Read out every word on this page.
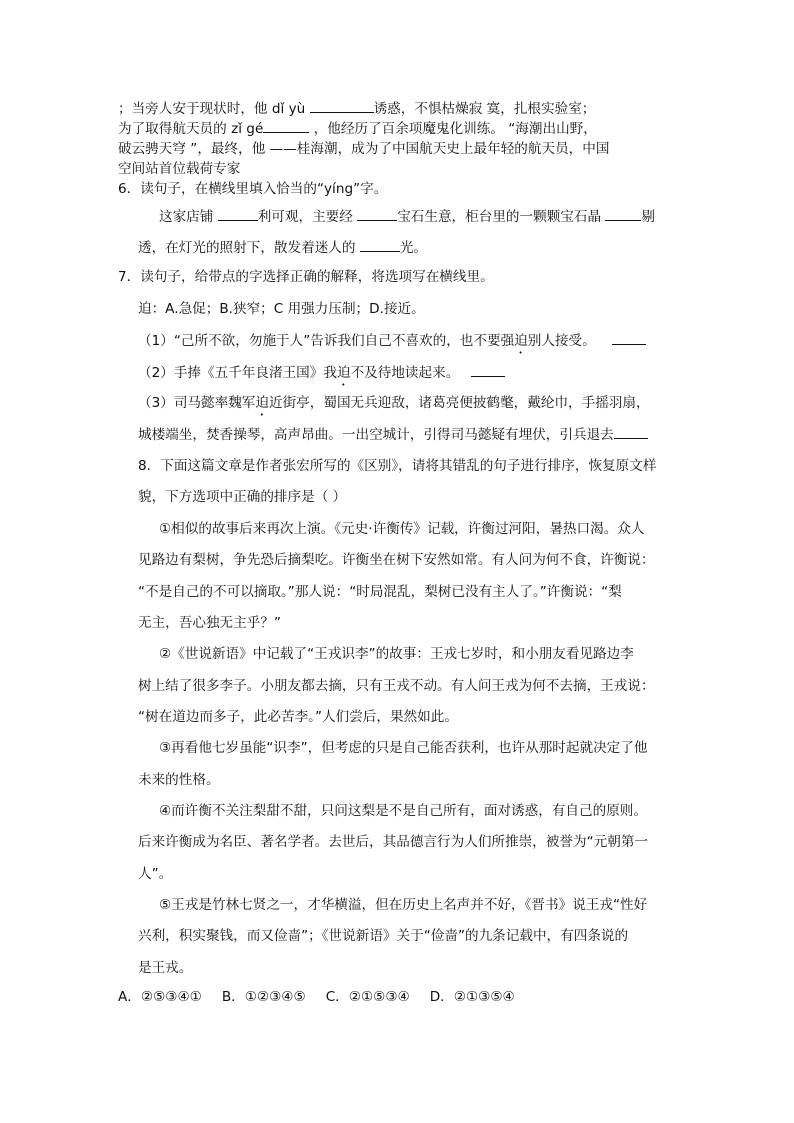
；当旁人安于现状时，他 dǐ yù	诱惑，不惧枯燥寂 寞，扎根实验室；
为了取得航天员的 zǐ gé	，他经历了百余项魔鬼化训练。 “海潮出山野，
破云骋天穹 ”，最终，他 ——桂海潮，成为了中国航天史上最年轻的航天员，中国
空间站首位载荷专家
6．读句子，在横线里填入恰当的“yíng”字。
这家店铺	利可观，主要经	宝石生意，柜台里的一颗颗宝石晶	剔
透，在灯光的照射下，散发着迷人的	光。
7．读句子，给带点的字选择正确的解释，将选项写在横线里。
迫：A.急促；B.狭窄；C 用强力压制；D.接近。
（1）“己所不欲，勿施于人”告诉我们自己不喜欢的，也不要强迫别人接受。
（2）手捧《五千年良渚王国》我迫不及待地读起来。
（3）司马懿率魏军迫近街亭，蜀国无兵迎敌，诸葛亮便披鹤氅，戴纶巾，手摇羽扇，
城楼端坐，焚香操琴，高声昂曲。一出空城计，引得司马懿疑有埋伏，引兵退去
8．下面这篇文章是作者张宏所写的《区别》，请将其错乱的句子进行排序，恢复原文样
貌，下方选项中正确的排序是（ ）
①相似的故事后来再次上演。《元史·许衡传》记载，许衡过河阳，暑热口渴。众人
见路边有梨树，争先恐后摘梨吃。许衡坐在树下安然如常。有人问为何不食，许衡说：
“不是自己的不可以摘取。”那人说：“时局混乱，梨树已没有主人了。”许衡说：“梨
无主，吾心独无主乎？”
②《世说新语》中记载了“王戎识李”的故事：王戎七岁时，和小朋友看见路边李
树上结了很多李子。小朋友都去摘，只有王戎不动。有人问王戎为何不去摘，王戎说：
“树在道边而多子，此必苦李。”人们尝后，果然如此。
③再看他七岁虽能“识李”，但考虑的只是自己能否获利，也许从那时起就决定了他
未来的性格。
④而许衡不关注梨甜不甜，只问这梨是不是自己所有，面对诱惑，有自己的原则。
后来许衡成为名臣、著名学者。去世后，其品德言行为人们所推崇，被誉为“元朝第一
人”。
⑤王戎是竹林七贤之一，才华横溢，但在历史上名声并不好，《晋书》说王戎“性好
兴利，积实聚钱，而又俭啬”；《世说新语》关于“俭啬”的九条记载中，有四条说的
是王戎。
A．②⑤③④① B．①②③④⑤ C．②①⑤③④ D．②①③⑤④
